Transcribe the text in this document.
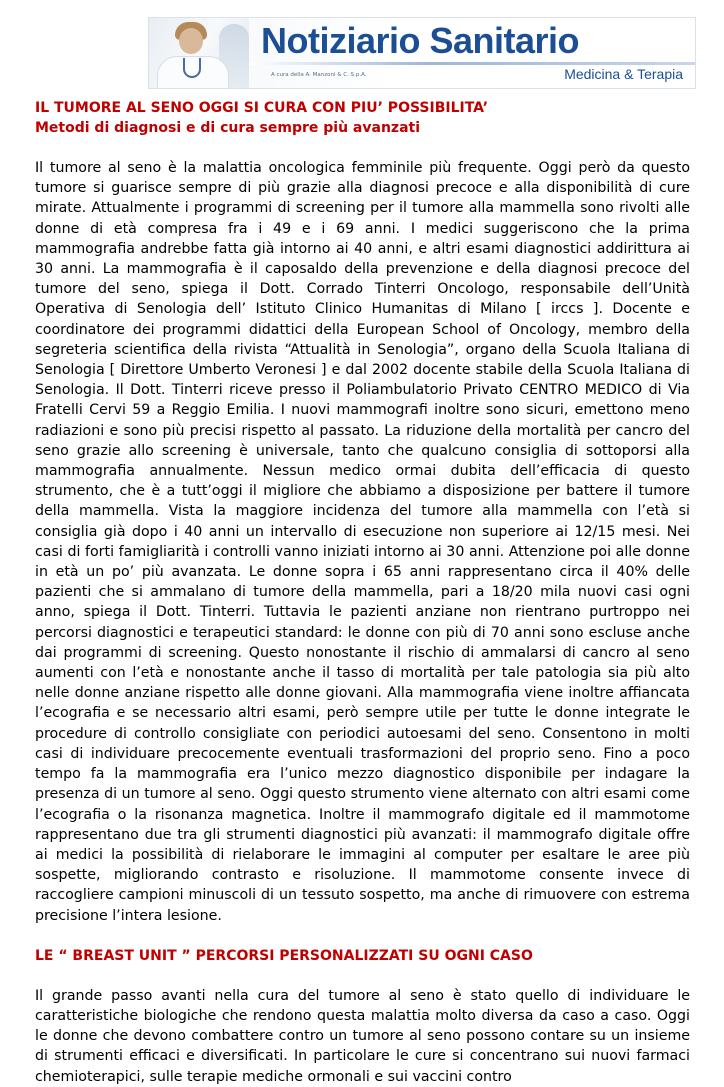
Notiziario Sanitario
A cura della A. Manzoni & C. S.p.A.	Medicina & Terapia

IL TUMORE AL SENO OGGI SI CURA CON PIU’ POSSIBILITA’

Metodi di diagnosi e di cura sempre più avanzati

Il tumore al seno è la malattia oncologica femminile più frequente. Oggi però da questo tumore si guarisce sempre di più grazie alla diagnosi precoce e alla disponibilità di cure mirate. Attualmente i programmi di screening per il tumore alla mammella sono rivolti alle donne di età compresa fra i 49 e i 69 anni. I medici suggeriscono che la prima mammografia andrebbe fatta già intorno ai 40 anni, e altri esami diagnostici addirittura ai 30 anni. La mammografia è il caposaldo della prevenzione e della diagnosi precoce del tumore del seno, spiega il Dott. Corrado Tinterri Oncologo, responsabile dell’Unità Operativa di Senologia dell’ Istituto Clinico Humanitas di Milano [ irccs ]. Docente e coordinatore dei programmi didattici della European School of Oncology, membro della segreteria scientifica della rivista “Attualità in Senologia”, organo della Scuola Italiana di Senologia [ Direttore Umberto Veronesi ] e dal 2002 docente stabile della Scuola Italiana di Senologia. Il Dott. Tinterri riceve presso il Poliambulatorio Privato CENTRO MEDICO di Via Fratelli Cervi 59 a Reggio Emilia. I nuovi mammografi inoltre sono sicuri, emettono meno radiazioni e sono più precisi rispetto al passato. La riduzione della mortalità per cancro del seno grazie allo screening è universale, tanto che qualcuno consiglia di sottoporsi alla mammografia annualmente. Nessun medico ormai dubita dell’efficacia di questo strumento, che è a tutt’oggi il migliore che abbiamo a disposizione per battere il tumore della mammella. Vista la maggiore incidenza del tumore alla mammella con l’età si consiglia già dopo i 40 anni un intervallo di esecuzione non superiore ai 12/15 mesi. Nei casi di forti famigliarità i controlli vanno iniziati intorno ai 30 anni. Attenzione poi alle donne in età un po’ più avanzata. Le donne sopra i 65 anni rappresentano circa il 40% delle pazienti che si ammalano di tumore della mammella, pari a 18/20 mila nuovi casi ogni anno, spiega il Dott. Tinterri. Tuttavia le pazienti anziane non rientrano purtroppo nei percorsi diagnostici e terapeutici standard: le donne con più di 70 anni sono escluse anche dai programmi di screening. Questo nonostante il rischio di ammalarsi di cancro al seno aumenti con l’età e nonostante anche il tasso di mortalità per tale patologia sia più alto nelle donne anziane rispetto alle donne giovani. Alla mammografia viene inoltre affiancata l’ecografia e se necessario altri esami, però sempre utile per tutte le donne integrate le procedure di controllo consigliate con periodici autoesami del seno. Consentono in molti casi di individuare precocemente eventuali trasformazioni del proprio seno. Fino a poco tempo fa la mammografia era l’unico mezzo diagnostico disponibile per indagare la presenza di un tumore al seno. Oggi questo strumento viene alternato con altri esami come l’ecografia o la risonanza magnetica. Inoltre il mammografo digitale ed il mammotome rappresentano due tra gli strumenti diagnostici più avanzati: il mammografo digitale offre ai medici la possibilità di rielaborare le immagini al computer per esaltare le aree più sospette, migliorando contrasto e risoluzione. Il mammotome consente invece di raccogliere campioni minuscoli di un tessuto sospetto, ma anche di rimuovere con estrema precisione l’intera lesione.

LE “ BREAST UNIT ” PERCORSI PERSONALIZZATI SU OGNI CASO

Il grande passo avanti nella cura del tumore al seno è stato quello di individuare le caratteristiche biologiche che rendono questa malattia molto diversa da caso a caso. Oggi le donne che devono combattere contro un tumore al seno possono contare su un insieme di strumenti efficaci e diversificati. In particolare le cure si concentrano sui nuovi farmaci chemioterapici, sulle terapie mediche ormonali e sui vaccini contro
